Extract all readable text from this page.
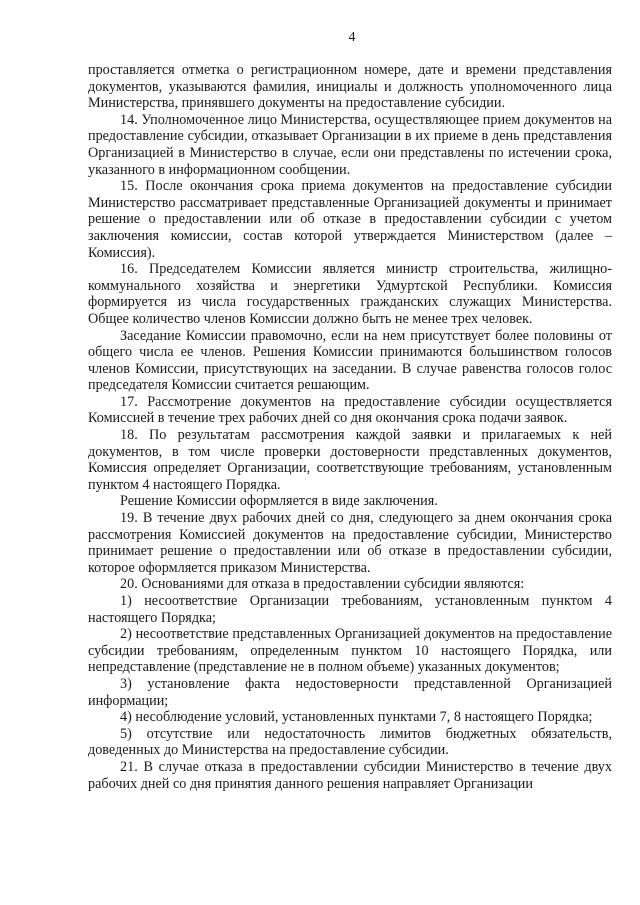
4

проставляется отметка о регистрационном номере, дате и времени представления документов, указываются фамилия, инициалы и должность уполномоченного лица Министерства, принявшего документы на предоставление субсидии.

14. Уполномоченное лицо Министерства, осуществляющее прием документов на предоставление субсидии, отказывает Организации в их приеме в день представления Организацией в Министерство в случае, если они представлены по истечении срока, указанного в информационном сообщении.

15. После окончания срока приема документов на предоставление субсидии Министерство рассматривает представленные Организацией документы и принимает решение о предоставлении или об отказе в предоставлении субсидии с учетом заключения комиссии, состав которой утверждается Министерством (далее – Комиссия).

16. Председателем Комиссии является министр строительства, жилищно-коммунального хозяйства и энергетики Удмуртской Республики. Комиссия формируется из числа государственных гражданских служащих Министерства. Общее количество членов Комиссии должно быть не менее трех человек.

Заседание Комиссии правомочно, если на нем присутствует более половины от общего числа ее членов. Решения Комиссии принимаются большинством голосов членов Комиссии, присутствующих на заседании. В случае равенства голосов голос председателя Комиссии считается решающим.

17. Рассмотрение документов на предоставление субсидии осуществляется Комиссией в течение трех рабочих дней со дня окончания срока подачи заявок.

18. По результатам рассмотрения каждой заявки и прилагаемых к ней документов, в том числе проверки достоверности представленных документов, Комиссия определяет Организации, соответствующие требованиям, установленным пунктом 4 настоящего Порядка.

Решение Комиссии оформляется в виде заключения.

19. В течение двух рабочих дней со дня, следующего за днем окончания срока рассмотрения Комиссией документов на предоставление субсидии, Министерство принимает решение о предоставлении или об отказе в предоставлении субсидии, которое оформляется приказом Министерства.

20. Основаниями для отказа в предоставлении субсидии являются:

1) несоответствие Организации требованиям, установленным пунктом 4 настоящего Порядка;

2) несоответствие представленных Организацией документов на предоставление субсидии требованиям, определенным пунктом 10 настоящего Порядка, или непредставление (представление не в полном объеме) указанных документов;

3) установление факта недостоверности представленной Организацией информации;

4) несоблюдение условий, установленных пунктами 7, 8 настоящего Порядка;

5) отсутствие или недостаточность лимитов бюджетных обязательств, доведенных до Министерства на предоставление субсидии.

21. В случае отказа в предоставлении субсидии Министерство в течение двух рабочих дней со дня принятия данного решения направляет Организации
